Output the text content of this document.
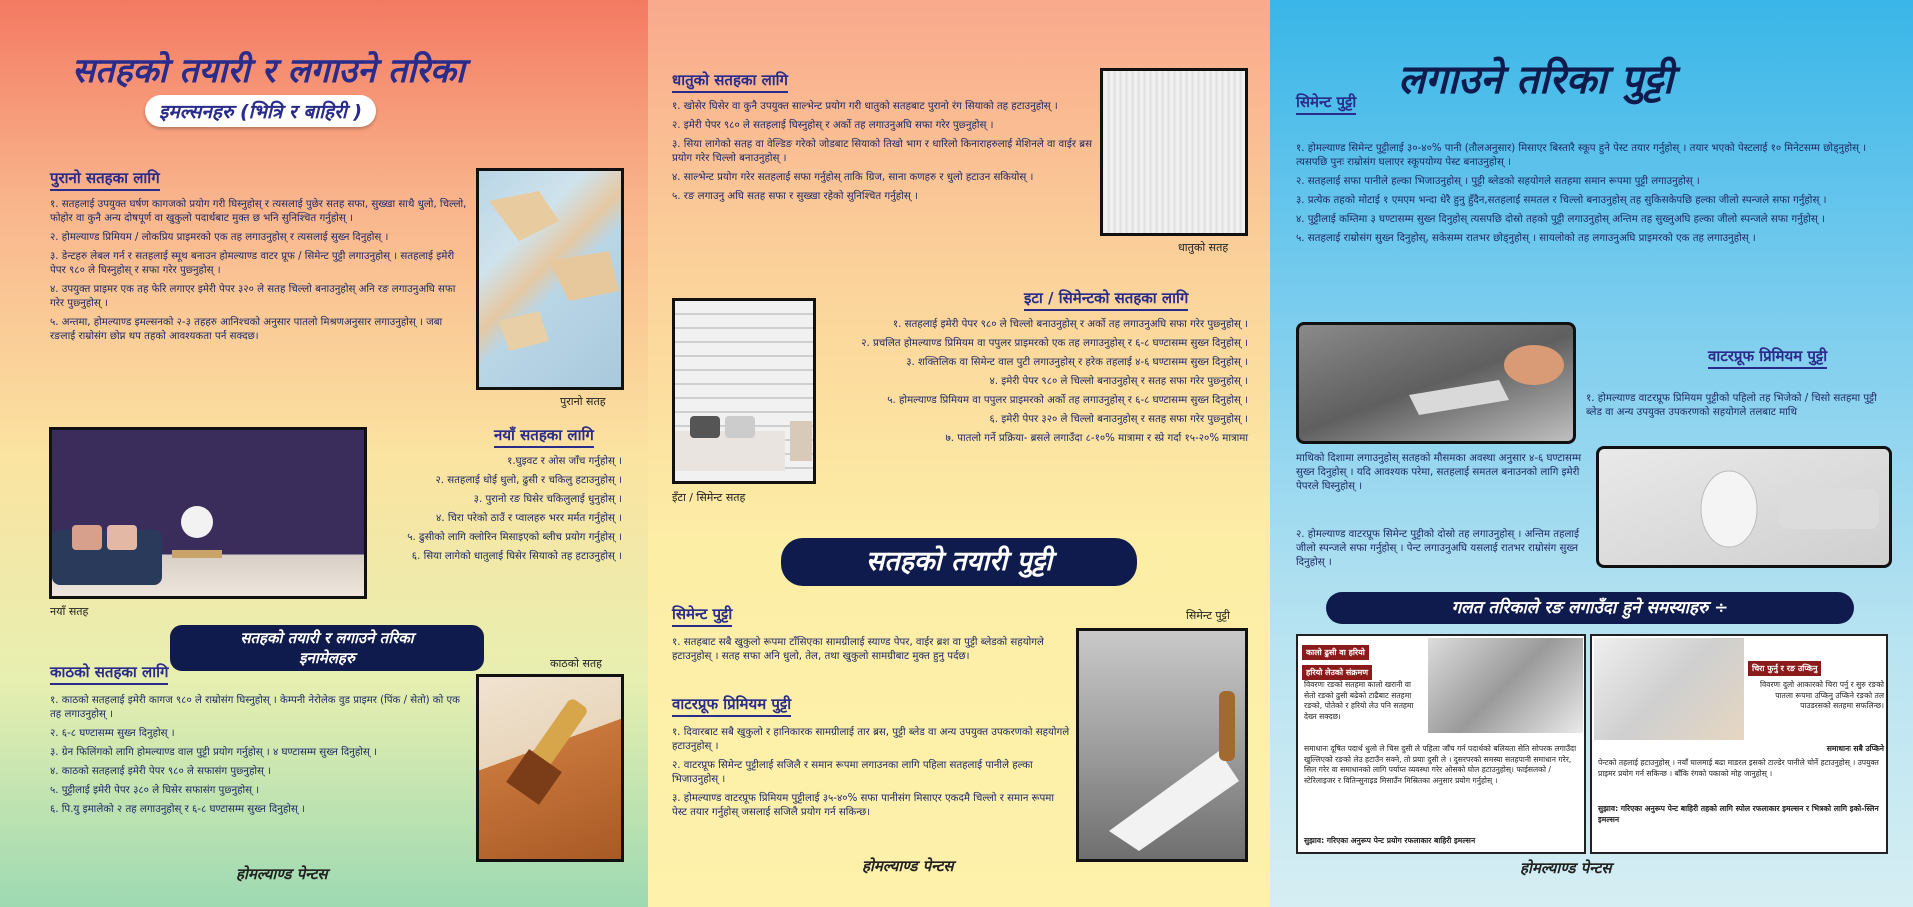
सतहको तयारी र लगाउने तरिका
इमल्सनहरु (भित्रि र बाहिरी )
पुरानो सतहका लागि
१. सतहलाई उपयुक्त घर्षण कागजको प्रयोग गरी घिस्नुहोस् र त्यसलाई पुछेर सतह सफा, सुख्खा साथै धुलो, चिल्लो, फोहोर वा कुनै अन्य दोषपूर्ण वा खुकुलो पदार्थबाट मुक्त छ भनि सुनिश्चित गर्नुहोस् ।
२. होमल्याण्ड प्रिमियम / लोकप्रिय प्राइमरको एक तह लगाउनुहोस् र त्यसलाई सुख्न दिनुहोस् ।
३. डेन्टहरु लेबल गर्न र सतहलाई स्मूथ बनाउन होमल्याण्ड वाटर प्रूफ / सिमेन्ट पुट्टी लगाउनुहोस् । सतहलाई इमेरी पेपर ९८० ले घिस्नुहोस् र सफा गरेर पुछ्नुहोस् ।
४. उपयुक्त प्राइमर एक तह फेरि लगाएर इमेरी पेपर ३२० ले सतह चिल्लो बनाउनुहोस् अनि रङ लगाउनुअघि सफा गरेर पुछ्नुहोस् ।
५. अन्तमा, होमल्याण्ड इमल्सनको २-३ तहहरु आनिश्चको अनुसार पातलो मिश्रणअनुसार लगाउनुहोस् । जबा रङलाई राम्रोसंग छोप्न थप तहको आवश्यकता पर्न सक्दछ।
पुरानो सतह
नयाँ सतह
नयाँ सतहका लागि
१.घुइवट र ओस जाँच गर्नुहोस् ।
२. सतहलाई धोई धुलो, ढुसी र चकिलु हटाउनुहोस् ।
३. पुरानो रङ घिसेर चकिलुलाई धुनुहोस् ।
४. चिरा परेको ठाउँ र प्वालहरु भरर मर्मत गर्नुहोस् ।
५. ढुसीको लागि क्लोरिन मिसाइएको ब्लीच प्रयोग गर्नुहोस् ।
६. सिया लागेको धातुलाई घिसेर सियाको तह हटाउनुहोस् ।
सतहको तयारी र लगाउने तरिका
इनामेलहरु
काठको सतहका लागि	काठको सतह
१. काठको सतहलाई इमेरी कागज ९८० ले राम्रोसंग घिस्नुहोस् । केम्पनी नेरोलेक वुड प्राइमर (पिंक / सेतो) को एक तह लगाउनुहोस् ।
२. ६-८ घण्टासम्म सुख्न दिनुहोस् ।
३. ग्रेन फिलिंगको लागि होमल्याण्ड वाल पुट्टी प्रयोग गर्नुहोस् । ४ घण्टासम्म सुख्न दिनुहोस् ।
४. काठको सतहलाई इमेरी पेपर ९८० ले सफासंग पुछ्नुहोस् ।
५. पुट्टीलाई इमेरी पेपर ३८० ले घिसेर सफासंग पुछ्नुहोस् ।
६. पि.यु इमालेको २ तह लगाउनुहोस् र ६-८ घण्टासम्म सुख्न दिनुहोस् ।
होमल्याण्ड पेन्टस
धातुको सतहका लागि
१. खोसेर घिसेर वा कुनै उपयुक्त साल्भेन्ट प्रयोग गरी धातुको सतहबाट पुरानो रंग सियाको तह हटाउनुहोस् ।
२. इमेरी पेपर ९८० ले सतहलाई घिस्नुहोस् र अर्को तह लगाउनुअघि सफा गरेर पुछ्नुहोस् ।
३. सिया लागेको सतह वा वेल्डिङ गरेको जोडबाट सियाको तिखो भाग र धारिलो किनाराहरुलाई मेशिनले वा वाईर ब्रस प्रयोग गरेर चिल्लो बनाउनुहोस् ।
४. साल्भेन्ट प्रयोग गरेर सतहलाई सफा गर्नुहोस् ताकि ग्रिज, साना कणहरु र धुलो हटाउन सकियोस् ।
५. रङ लगाउनु अघि सतह सफा र सुख्खा रहेको सुनिश्चित गर्नुहोस् ।
धातुको सतह
इटा / सिमेन्टको सतहका लागि
१. सतहलाई इमेरी पेपर ९८० ले चिल्लो बनाउनुहोस् र अर्को तह लगाउनुअघि सफा गरेर पुछ्नुहोस् ।
२. प्रचलित होमल्याण्ड प्रिमियम वा पपुलर प्राइमरको एक तह लगाउनुहोस् र ६-८ घण्टासम्म सुख्न दिनुहोस् ।
३. शक्तिलिक वा सिमेन्ट वाल पुटी लगाउनुहोस् र हरेक तहलाई ४-६ घण्टासम्म सुख्न दिनुहोस् ।
४. इमेरी पेपर ९८० ले चिल्लो बनाउनुहोस् र सतह सफा गरेर पुछ्नुहोस् ।
५. होमल्याण्ड प्रिमियम वा पपुलर प्राइमरको अर्को तह लगाउनुहोस् र ६-८ घण्टासम्म सुख्न दिनुहोस् ।
६. इमेरी पेपर ३२० ले चिल्लो बनाउनुहोस् र सतह सफा गरेर पुछ्नुहोस् ।
७. पातलो गर्ने प्रक्रिया- ब्रसले लगाउँदा ८-१०% मात्रामा र स्प्रे गर्दा १५-२०% मात्रामा
इँटा / सिमेन्ट सतह
सतहको तयारी पुट्टी
सिमेन्ट पुट्टी	सिमेन्ट पुट्टी
१. सतहबाट सबै खुकुलो रूपमा टाँसिएका सामग्रीलाई स्याण्ड पेपर, वाईर ब्रश वा पुट्टी ब्लेडको सहयोगले हटाउनुहोस् । सतह सफा अनि धुलो, तेल, तथा खुकुलो सामग्रीबाट मुक्त हुनु पर्दछ।
वाटरप्रूफ प्रिमियम पुट्टी
१. दिवारबाट सबै खुकुलो र हानिकारक सामग्रीलाई तार ब्रस, पुट्टी ब्लेड वा अन्य उपयुक्त उपकरणको सहयोगले हटाउनुहोस् ।
२. वाटरप्रूफ सिमेन्ट पुट्टीलाई सजिलै र समान रूपमा लगाउनका लागि पहिला सतहलाई पानीले हल्का भिजाउनुहोस् ।
३. होमल्याण्ड वाटरप्रूफ प्रिमियम पुट्टीलाई ३५-४०% सफा पानीसंग मिसाएर एकदमै चिल्लो र समान रूपमा पेस्ट तयार गर्नुहोस् जसलाई सजिलै प्रयोग गर्न सकिन्छ।
होमल्याण्ड पेन्टस
लगाउने तरिका पुट्टी
सिमेन्ट पुट्टी
१. होमल्याण्ड सिमेन्ट पुट्टीलाई ३०-४०% पानी (तौलअनुसार) मिसाएर बिस्तारै स्कूप हुने पेस्ट तयार गर्नुहोस् । तयार भएको पेस्टलाई १० मिनेटसम्म छोड्नुहोस् । त्यसपछि पुनः राम्रोसंग घलाएर स्कूपयोग्य पेस्ट बनाउनुहोस् ।
२. सतहलाई सफा पानीले हल्का भिजाउनुहोस् । पुट्टी ब्लेडको सहयोगले सतहमा समान रूपमा पुट्टी लगाउनुहोस् ।
३. प्रत्येक तहको मोटाई १ एमएम भन्दा धेरै हुनु हुँदैन,सतहलाई समतल र चिल्लो बनाउनुहोस् तह सुकिसकेपछि हल्का जीलो स्पन्जले सफा गर्नुहोस् ।
४. पुट्टीलाई कम्तिमा ३ घण्टासम्म सुख्न दिनुहोस् त्यसपछि दोस्रो तहको पुट्टी लगाउनुहोस् अन्तिम तह सुख्नुअघि हल्का जीलो स्पन्जले सफा गर्नुहोस् ।
५. सतहलाई राम्रोसंग सुख्न दिनुहोस्, सकेसम्म रातभर छोड्नुहोस् । सायलोको तह लगाउनुअघि प्राइमरको एक तह लगाउनुहोस् ।
वाटरप्रूफ प्रिमियम पुट्टी
१. होमल्याण्ड वाटरप्रूफ प्रिमियम पुट्टीको पहिलो तह भिजेको / चिसो सतहमा पुट्टी ब्लेड वा अन्य उपयुक्त उपकरणको सहयोगले तलबाट माथि
माथिको दिशामा लगाउनुहोस् सतहको मौसमका अवस्था अनुसार ४-६ घण्टासम्म सुख्न दिनुहोस् । यदि आवश्यक परेमा, सतहलाई समतल बनाउनको लागि इमेरी पेपरले घिस्नुहोस् ।
२. होमल्याण्ड वाटरप्रूफ सिमेन्ट पुट्टीको दोस्रो तह लगाउनुहोस् । अन्तिम तहलाई जीलो स्पन्जले सफा गर्नुहोस् । पेन्ट लगाउनुअघि यसलाई रातभर राम्रोसंग सुख्न दिनुहोस् ।
गलत तरिकाले रङ लगाउँदा हुने समस्याहरु ÷
कालो ढुसी वा हरियो
हरियो लेउको संक्रमण
विवरणः रङको सतहमा कालो खरानी वा सेतो रङको ढुसी बढेको टाढैबाट सतहमा रङको, पोतेको र हरियो लेउ पनि सतहमा देख्न सक्दछ।
समाधानः दूषित पदार्थ धुलो ले चिस दुसी ले पहिला जाँच गर्न पदार्थको बलियता सेति सोपरक लगाउँदा खुल्लिएको रङको लेउ हटाउँन सक्ने, तो प्रयाः दुसी ले । दुसरपरको समस्या सतहपानी समाधान गरेर, सिल गरेर वा समाधानको लागि पर्याप्त व्यवस्था गरेर ओसको घोल हटाउनुहोस्। फाईसलको / स्टेरिलाइजर र वितिन्सुनाइड मिसाउँन मिस्रितका अनुसार प्रयोग गर्नुहोस् ।
सुझाव: गरिएका अनुरूप पेन्ट प्रयोग रफलाकार बाहिरी इमल्सन
चिरा फुर्नु र रङ उप्किनु
विवरणः दुलो आकारको चिरा पर्नु र सुरु रङको पातला रूपमा उप्किनु उप्किने रङको तल पाउडरसको सतहमा सफलिन्छ।
समाधानः सबै उप्किने
पेन्टको तहलाई हटाउनुहोस् । नयाँ घालमाई बढा माडरल इसको टाल्डेर पानीले चोर्ने हटाउनुहोस् । उपयुक्त प्राइमर प्रयोग गर्न सकिन्छ । बाँकि रंगको पकाको मोह जानुहोस् ।
सुझाव: गरिएका अनुरूप पेन्ट बाहिरी तहको लागि स्पोल रफलाकार इमल्सन र भित्रको लागि इको-स्लिन इमल्सन
होमल्याण्ड पेन्टस
